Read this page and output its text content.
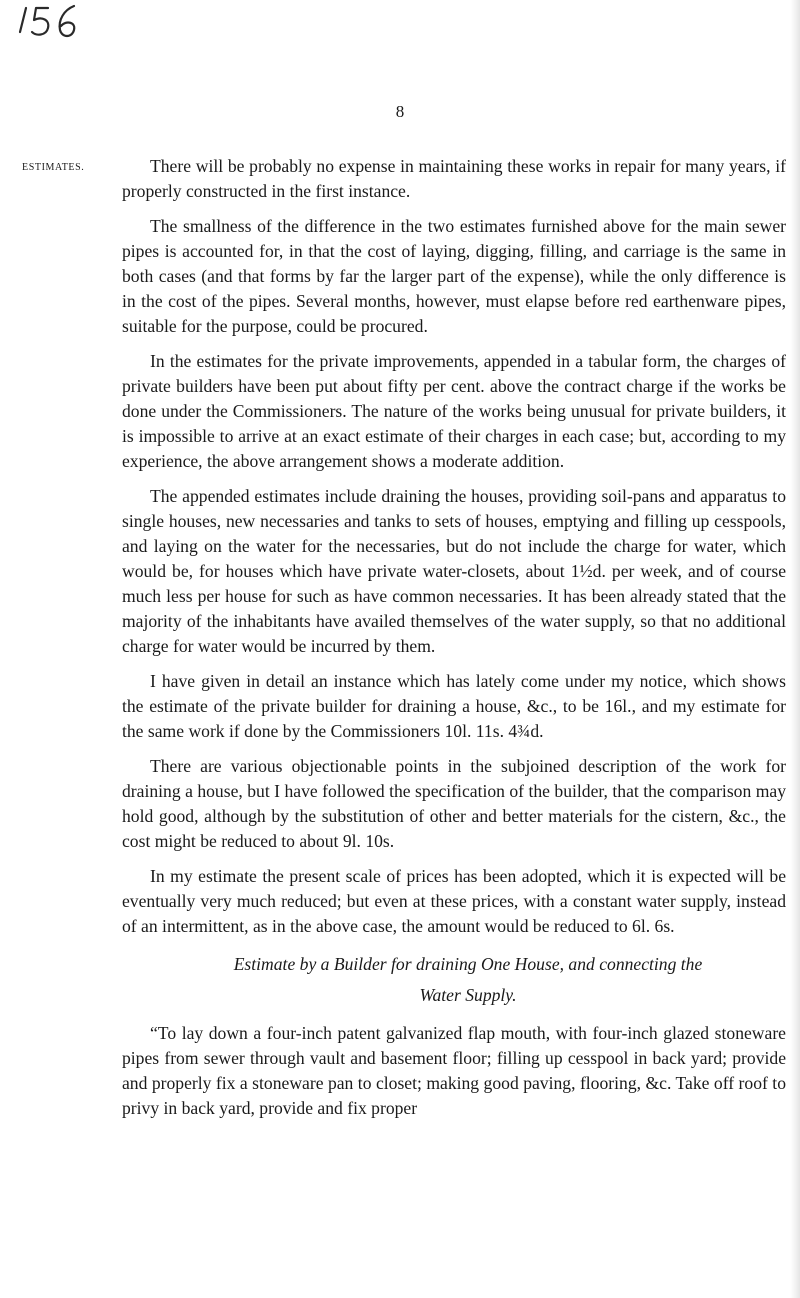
8
ESTIMATES.	There will be probably no expense in maintaining these works in repair for many years, if properly constructed in the first instance.

The smallness of the difference in the two estimates furnished above for the main sewer pipes is accounted for, in that the cost of laying, digging, filling, and carriage is the same in both cases (and that forms by far the larger part of the expense), while the only difference is in the cost of the pipes. Several months, however, must elapse before red earthenware pipes, suitable for the purpose, could be procured.

In the estimates for the private improvements, appended in a tabular form, the charges of private builders have been put about fifty per cent. above the contract charge if the works be done under the Commissioners. The nature of the works being unusual for private builders, it is impossible to arrive at an exact estimate of their charges in each case; but, according to my experience, the above arrangement shows a moderate addition.

The appended estimates include draining the houses, providing soil-pans and apparatus to single houses, new necessaries and tanks to sets of houses, emptying and filling up cesspools, and laying on the water for the necessaries, but do not include the charge for water, which would be, for houses which have private water-closets, about 1½d. per week, and of course much less per house for such as have common necessaries. It has been already stated that the majority of the inhabitants have availed themselves of the water supply, so that no additional charge for water would be incurred by them.

I have given in detail an instance which has lately come under my notice, which shows the estimate of the private builder for draining a house, &c., to be 16l., and my estimate for the same work if done by the Commissioners 10l. 11s. 4¾d.

There are various objectionable points in the subjoined description of the work for draining a house, but I have followed the specification of the builder, that the comparison may hold good, although by the substitution of other and better materials for the cistern, &c., the cost might be reduced to about 9l. 10s.

In my estimate the present scale of prices has been adopted, which it is expected will be eventually very much reduced; but even at these prices, with a constant water supply, instead of an intermittent, as in the above case, the amount would be reduced to 6l. 6s.

Estimate by a Builder for draining One House, and connecting the
Water Supply.

“To lay down a four-inch patent galvanized flap mouth, with four-inch glazed stoneware pipes from sewer through vault and basement floor; filling up cesspool in back yard; provide and properly fix a stoneware pan to closet; making good paving, flooring, &c. Take off roof to privy in back yard, provide and fix proper
